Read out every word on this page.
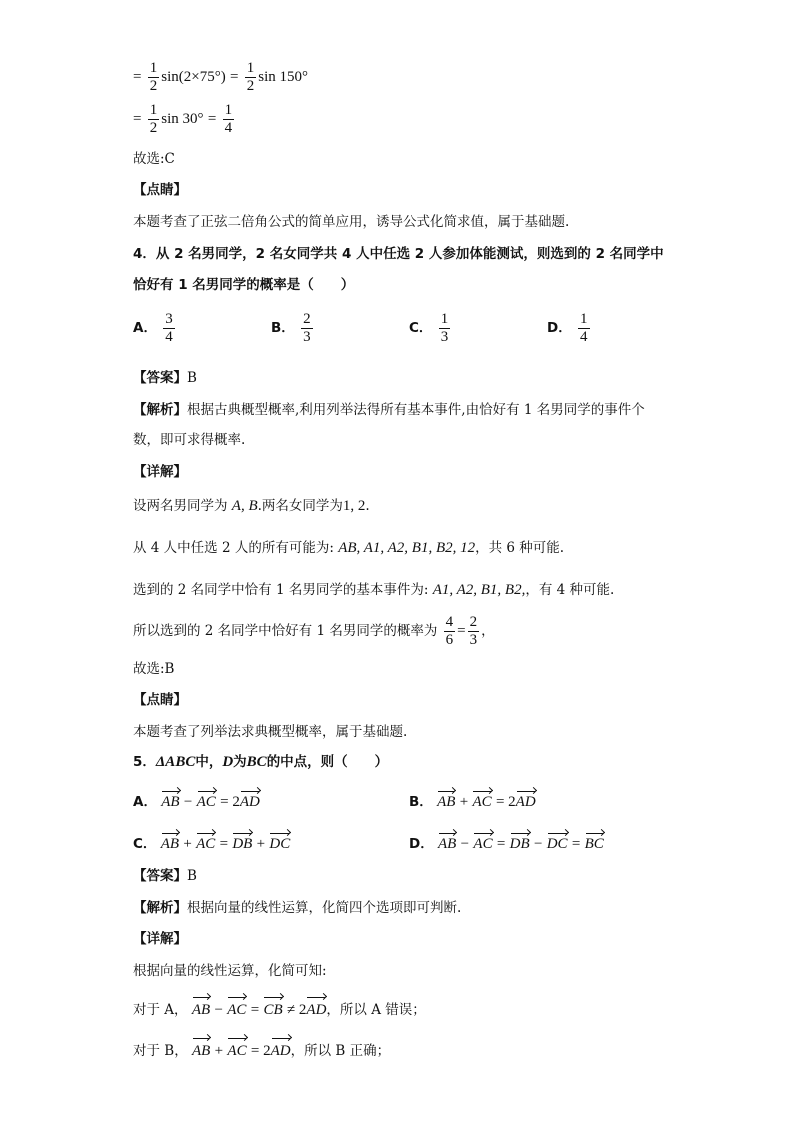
= $\frac{1}{2} \sin(2\times 75^\circ) = \frac{1}{2}$ sin 150°
= $\frac{1}{2}$ $\sin 30^\circ = \frac{1}{4}$
故选:C
【点睛】
本题考查了正弦二倍角公式的简单应用，诱导公式化简求值，属于基础题.
4．从 2 名男同学，2 名女同学共 4 人中任选 2 人参加体能测试，则选到的 2 名同学中
恰好有 1 名男同学的概率是（　　）
A． $\frac{3}{4}$	B． $\frac{2}{3}$	C． $\frac{1}{3}$	D． $\frac{1}{4}$
【答案】B
【解析】根据古典概型概率,利用列举法得所有基本事件,由恰好有 1 名男同学的事件个
数，即可求得概率.
【详解】
设两名男同学为 A, B.两名女同学为1, 2.
从 4 人中任选 2 人的所有可能为: AB, A1, A2, B1, B2, 12，共 6 种可能.
选到的 2 名同学中恰有 1 名男同学的基本事件为: A1, A2, B1, B2,，有 4 种可能.
所以选到的 2 名同学中恰好有 1 名男同学的概率为 $\frac{4}{6} = \frac{2}{3}$ ，
故选:B
【点睛】
本题考查了列举法求典概型概率，属于基础题.
5．ΔABC中，D为BC的中点，则（　　）
A． AB − AC = 2AD	B． AB + AC = 2AD
C． AB + AC = DB + DC	D． AB − AC = DB − DC = BC
【答案】B
【解析】根据向量的线性运算，化简四个选项即可判断.
【详解】
根据向量的线性运算，化简可知:
对于 A， AB − AC = CB ≠ 2AD，所以 A 错误；
对于 B， AB + AC = 2AD，所以 B 正确；
